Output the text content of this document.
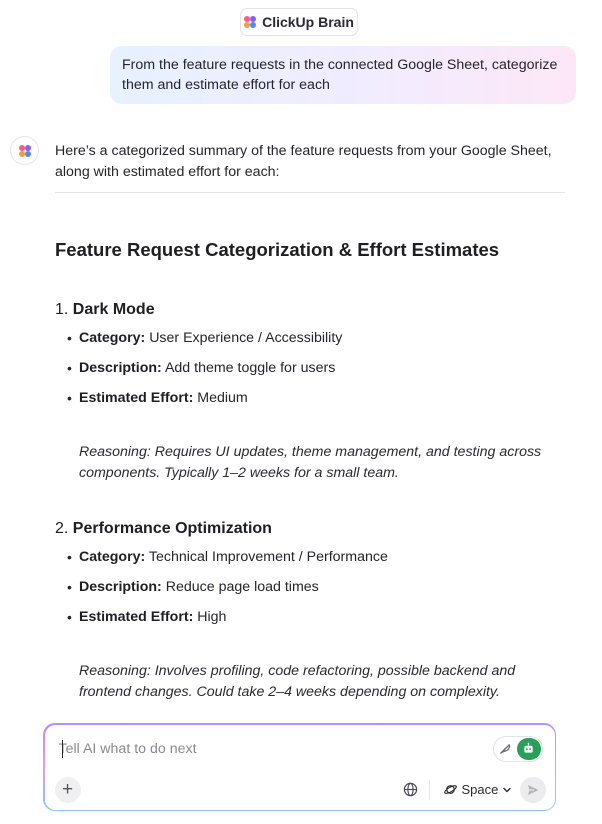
ClickUp Brain
From the feature requests in the connected Google Sheet, categorize them and estimate effort for each
Here’s a categorized summary of the feature requests from your Google Sheet, along with estimated effort for each:
Feature Request Categorization & Effort Estimates
1. Dark Mode
• Category: User Experience / Accessibility
• Description: Add theme toggle for users
• Estimated Effort: Medium
Reasoning: Requires UI updates, theme management, and testing across components. Typically 1–2 weeks for a small team.
2. Performance Optimization
• Category: Technical Improvement / Performance
• Description: Reduce page load times
• Estimated Effort: High
Reasoning: Involves profiling, code refactoring, possible backend and frontend changes. Could take 2–4 weeks depending on complexity.
Tell AI what to do next
+	Space
